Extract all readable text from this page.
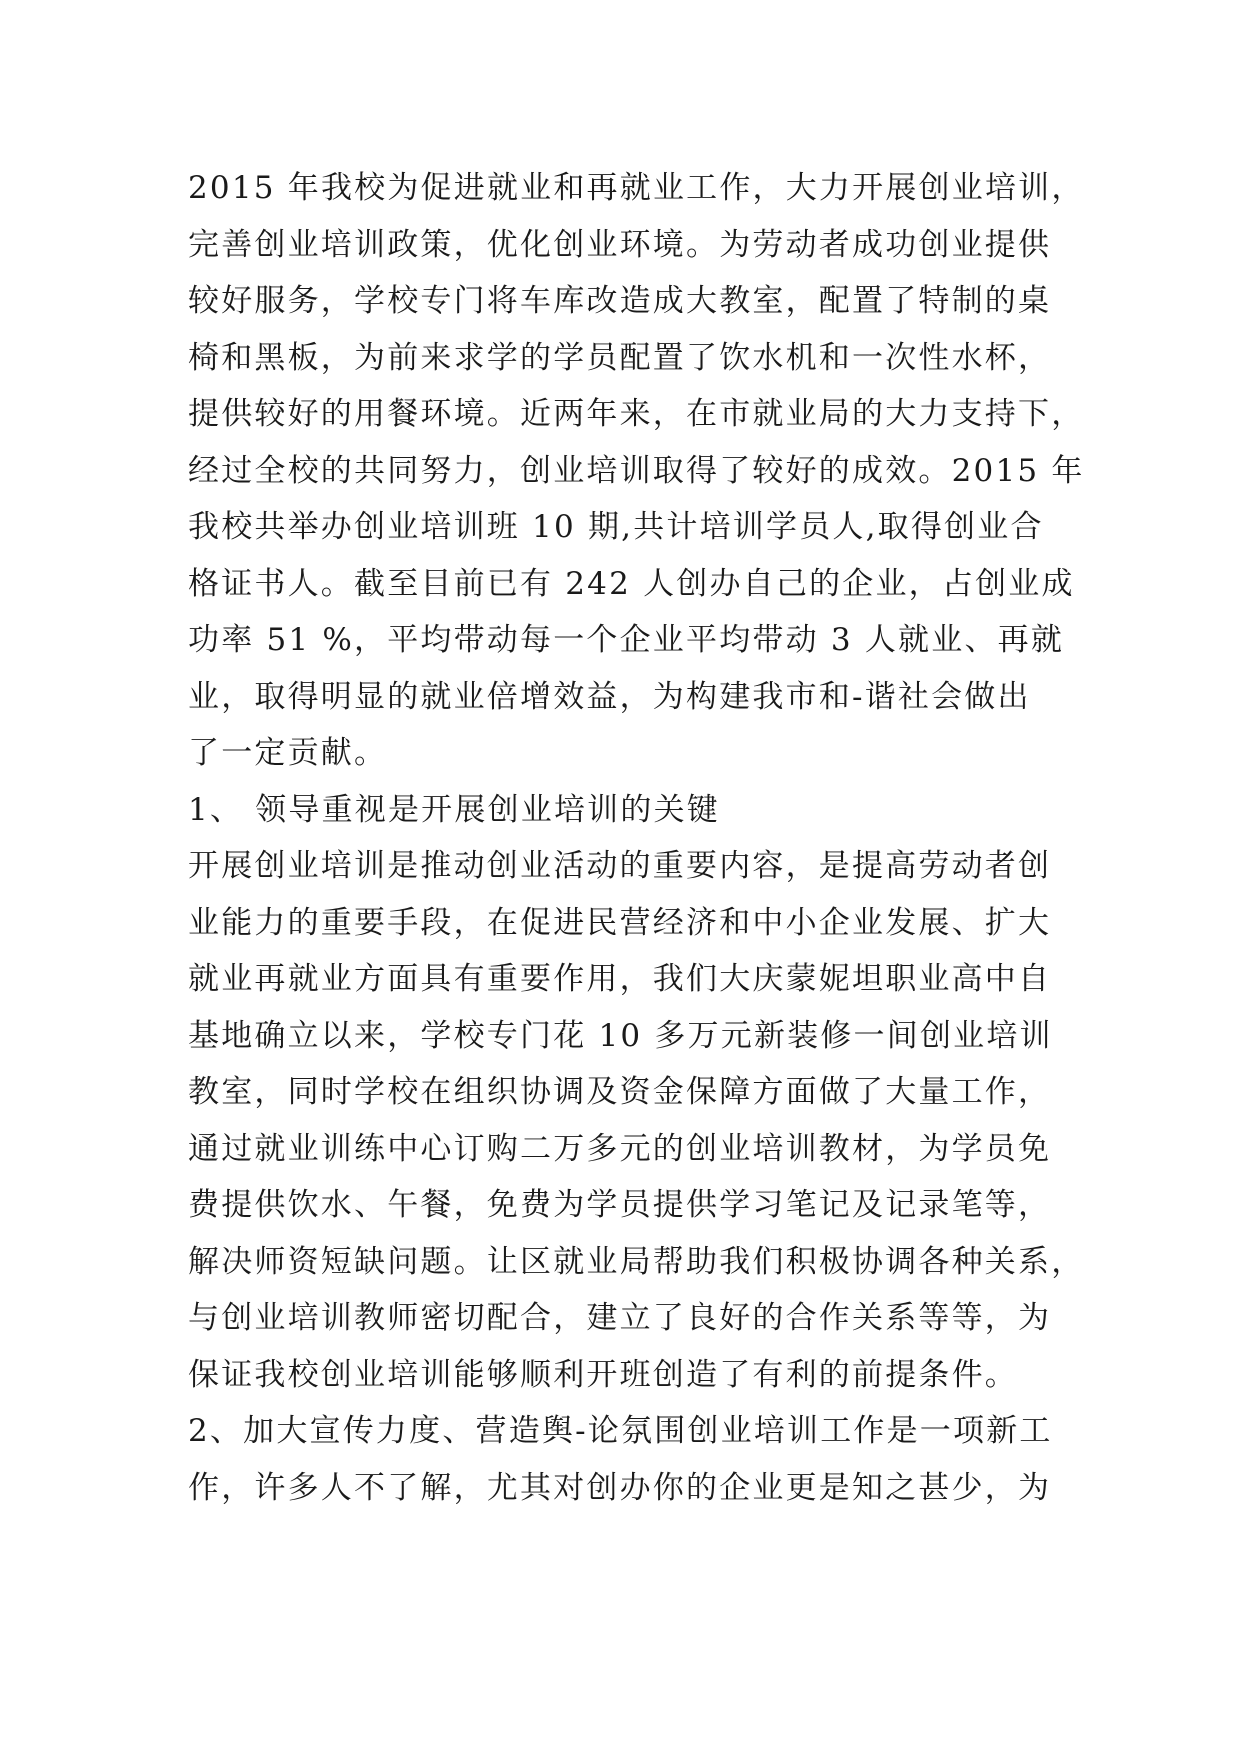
2015 年我校为促进就业和再就业工作，大力开展创业培训，
完善创业培训政策，优化创业环境。为劳动者成功创业提供
较好服务，学校专门将车库改造成大教室，配置了特制的桌
椅和黑板，为前来求学的学员配置了饮水机和一次性水杯，
提供较好的用餐环境。近两年来，在市就业局的大力支持下，
经过全校的共同努力，创业培训取得了较好的成效。2015 年
我校共举办创业培训班 10 期,共计培训学员人,取得创业合
格证书人。截至目前已有 242 人创办自己的企业，占创业成
功率 51 %，平均带动每一个企业平均带动 3 人就业、再就
业，取得明显的就业倍增效益，为构建我市和-谐社会做出
了一定贡献。
1、 领导重视是开展创业培训的关键
开展创业培训是推动创业活动的重要内容，是提高劳动者创
业能力的重要手段，在促进民营经济和中小企业发展、扩大
就业再就业方面具有重要作用，我们大庆蒙妮坦职业高中自
基地确立以来，学校专门花 10 多万元新装修一间创业培训
教室，同时学校在组织协调及资金保障方面做了大量工作，
通过就业训练中心订购二万多元的创业培训教材，为学员免
费提供饮水、午餐，免费为学员提供学习笔记及记录笔等，
解决师资短缺问题。让区就业局帮助我们积极协调各种关系，
与创业培训教师密切配合，建立了良好的合作关系等等，为
保证我校创业培训能够顺利开班创造了有利的前提条件。
2、加大宣传力度、营造舆-论氛围创业培训工作是一项新工
作，许多人不了解，尤其对创办你的企业更是知之甚少，为
